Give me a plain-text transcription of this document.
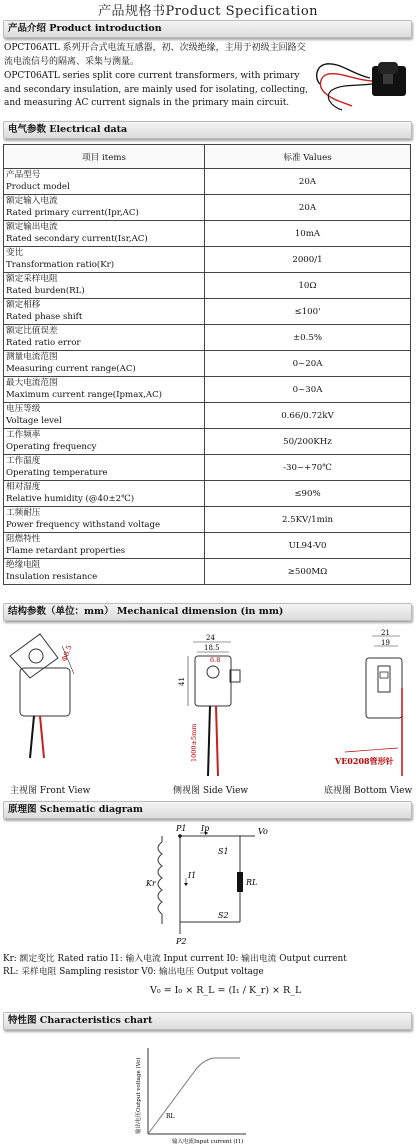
产品规格书Product Specification
产品介绍 Product introduction

OPCT06ATL 系列开合式电流互感器，初、次级绝缘，主用于初级主回路交流电流信号的隔离、采集与测量。

OPCT06ATL series split core current transformers, with primary and secondary insulation, are mainly used for isolating, collecting, and measuring AC current signals in the primary main circuit.

电气参数 Electrical data
项目 items	标准 Values

产品型号
Product model	20A

额定输入电流
Rated primary current(Ipr,AC)	20A

额定输出电流
Rated secondary current(Isr,AC)	10mA

变比
Transformation ratio(Kr)	2000/1

额定采样电阻
Rated burden(RL)	10Ω

额定相移
Rated phase shift	≤100'

额定比值误差
Rated ratio error	±0.5%

测量电流范围
Measuring current range(AC)	0~20A

最大电流范围
Maximum current range(Ipmax,AC)	0~30A

电压等级
Voltage level	0.66/0.72kV

工作频率
Operating frequency	50/200KHz

工作温度
Operating temperature	-30~+70℃

相对湿度
Relative humidity (@40±2℃)	≤90%

工频耐压
Power frequency withstand voltage	2.5KV/1min

阻燃特性
Flame retardant properties	UL94-V0

绝缘电阻
Insulation resistance	≥500MΩ
结构参数（单位：mm） Mechanical dimension (in mm)
Φ8.5
24
18.5
6.8
41
1000±5mm
21
19
VE0208管形针
主视图 Front View	侧视图 Side View	底视图 Bottom View
原理图 Schematic diagram
P1
P2
Ip
I1
Kr
S1
S2
Vo
RL
Kr: 额定变比 Rated ratio I1: 输入电流 Input current I0: 输出电流 Output current
RL: 采样电阻 Sampling resistor V0: 输出电压 Output voltage
V₀ = I₀ × R_L = (I₁ / K_r) × R_L
特性图 Characteristics chart
RL
输出电压Output voltage (Vo)
输入电流Input current (I1)
